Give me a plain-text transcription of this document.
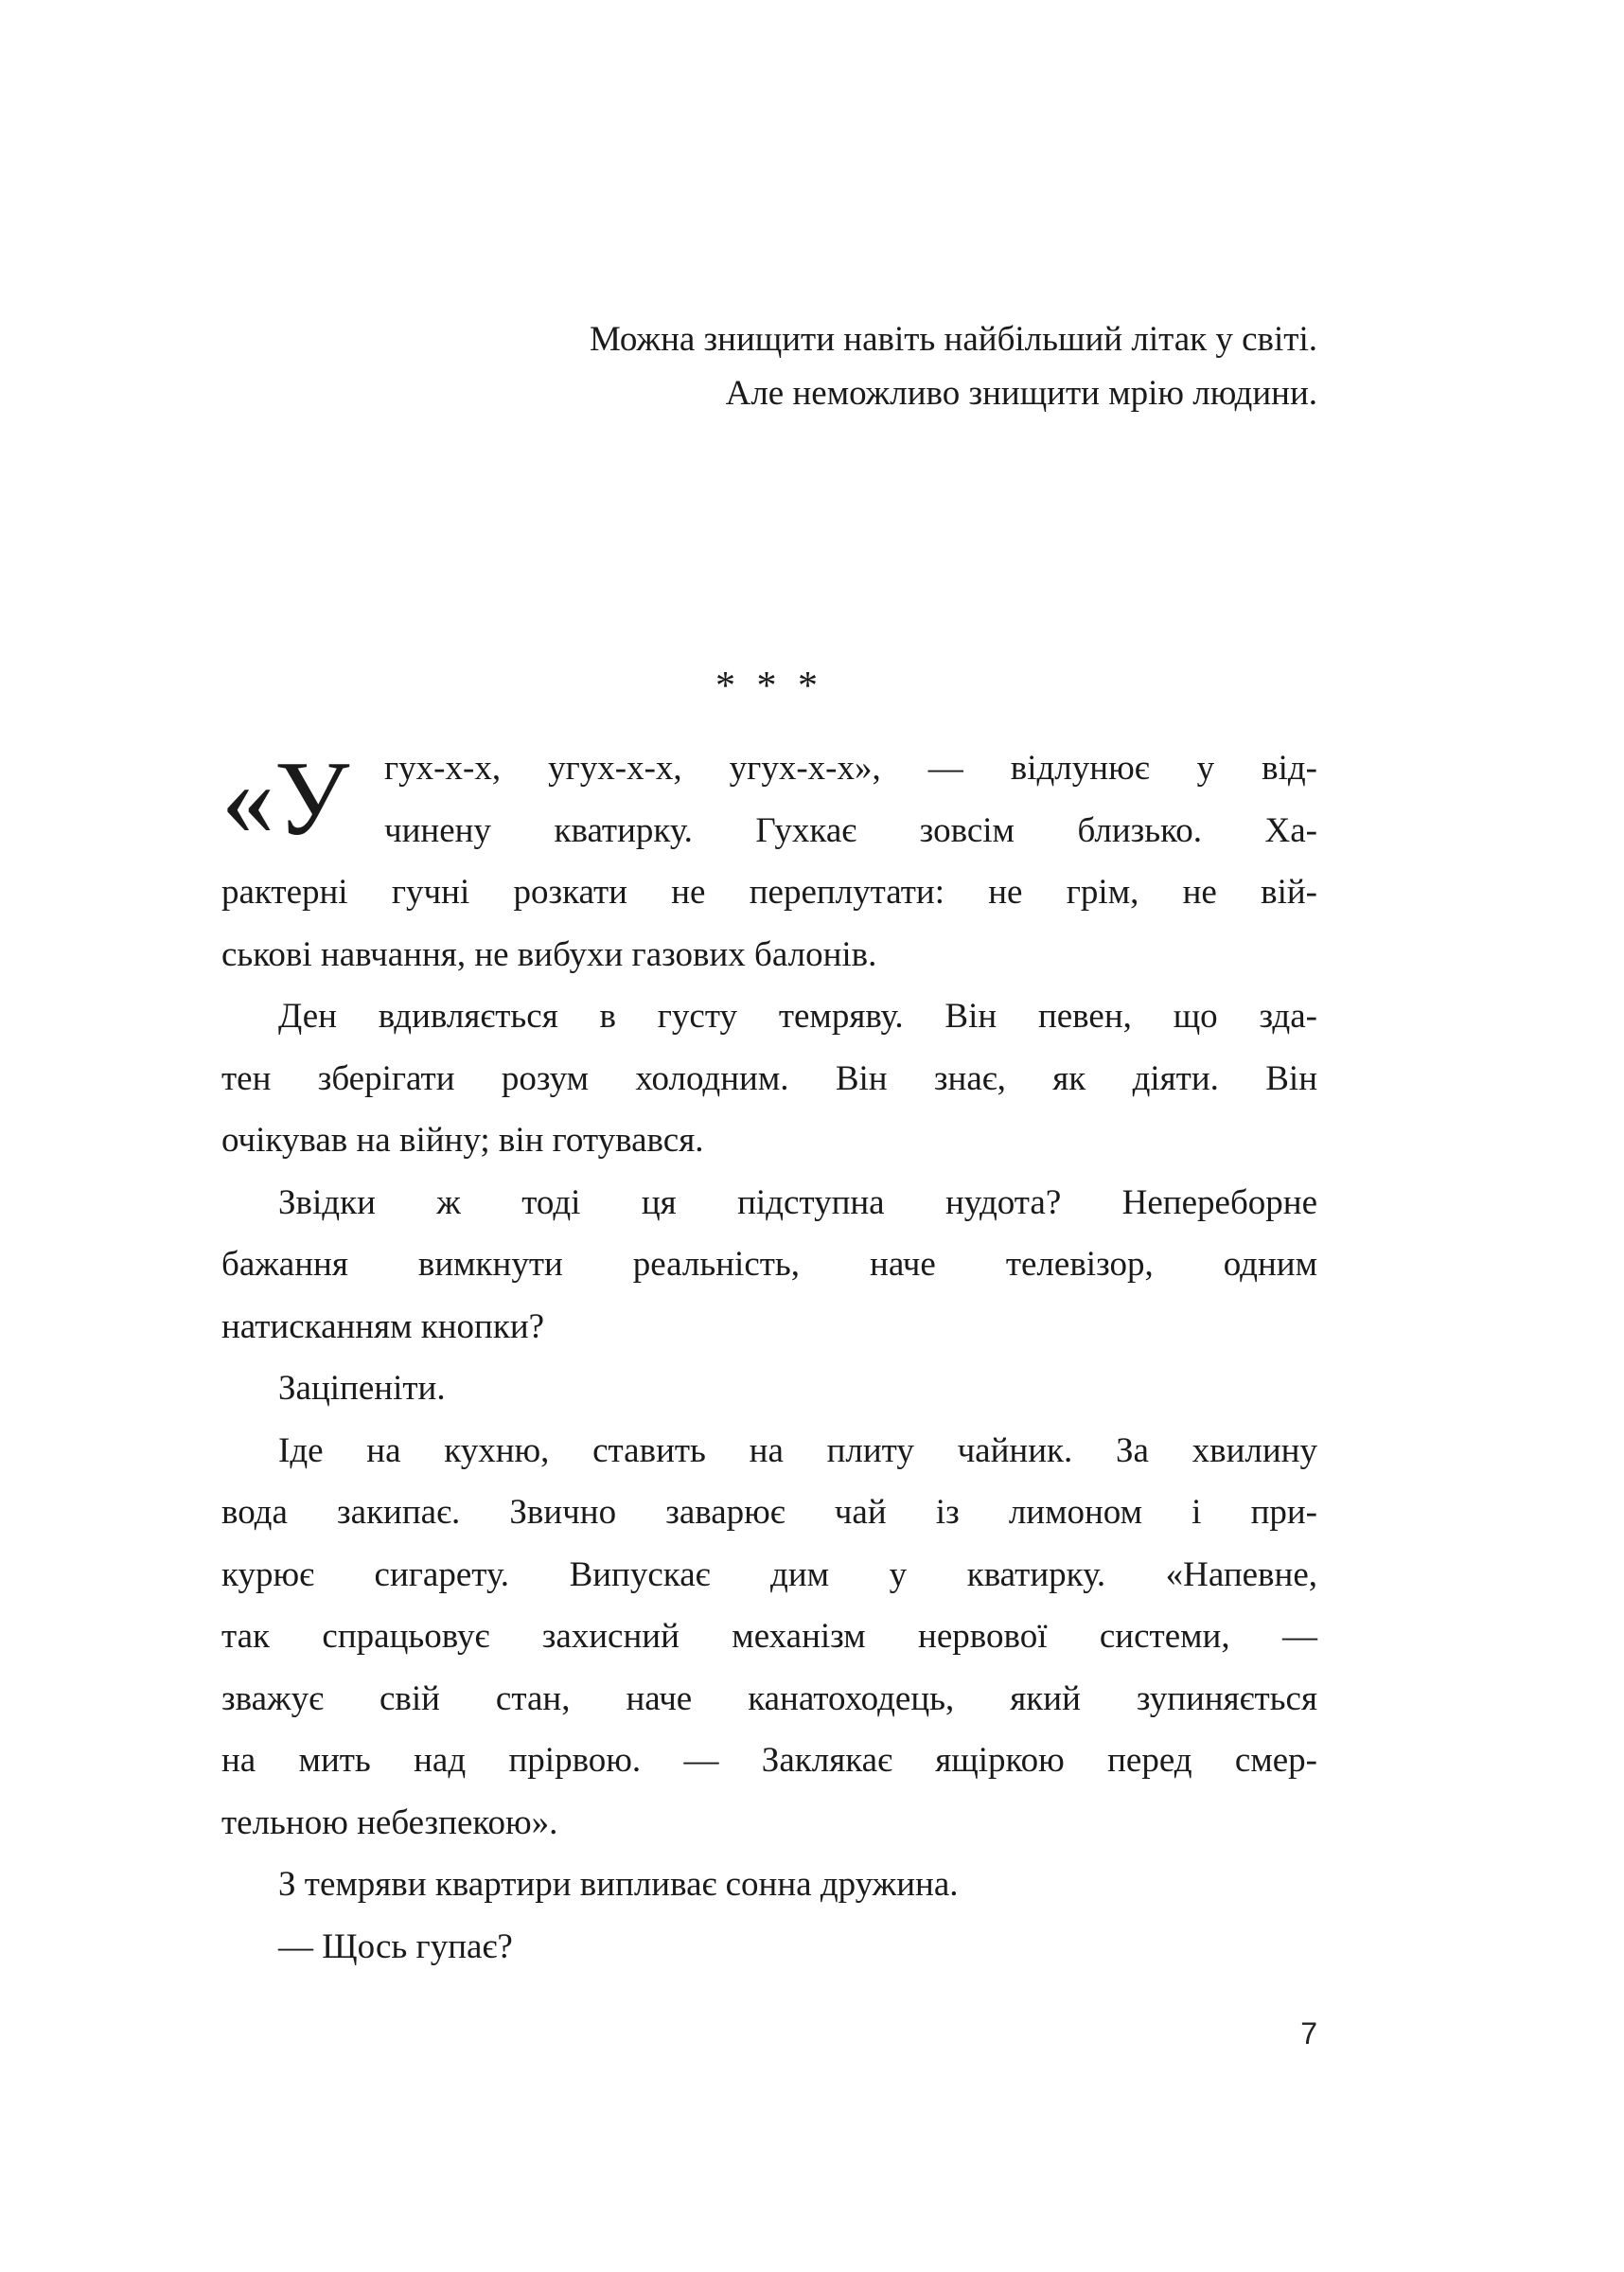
Можна знищити навіть найбільший літак у світі.
Але неможливо знищити мрію людини.
* * *
«У гух-х-х, угух-х-х, угух-х-х», — відлунює у від-
чинену кватирку. Гухкає зовсім близько. Ха-
рактерні гучні розкати не переплутати: не грім, не вій-
ськові навчання, не вибухи газових балонів.
Ден вдивляється в густу темряву. Він певен, що зда-
тен зберігати розум холодним. Він знає, як діяти. Він
очікував на війну; він готувався.
Звідки ж тоді ця підступна нудота? Непереборне
бажання вимкнути реальність, наче телевізор, одним
натисканням кнопки?
Заціпеніти.
Іде на кухню, ставить на плиту чайник. За хвилину
вода закипає. Звично заварює чай із лимоном і при-
курює сигарету. Випускає дим у кватирку. «Напевне,
так спрацьовує захисний механізм нервової системи, —
зважує свій стан, наче канатоходець, який зупиняється
на мить над прірвою. — Заклякає ящіркою перед смер-
тельною небезпекою».
З темряви квартири випливає сонна дружина.
— Щось гупає?
7
